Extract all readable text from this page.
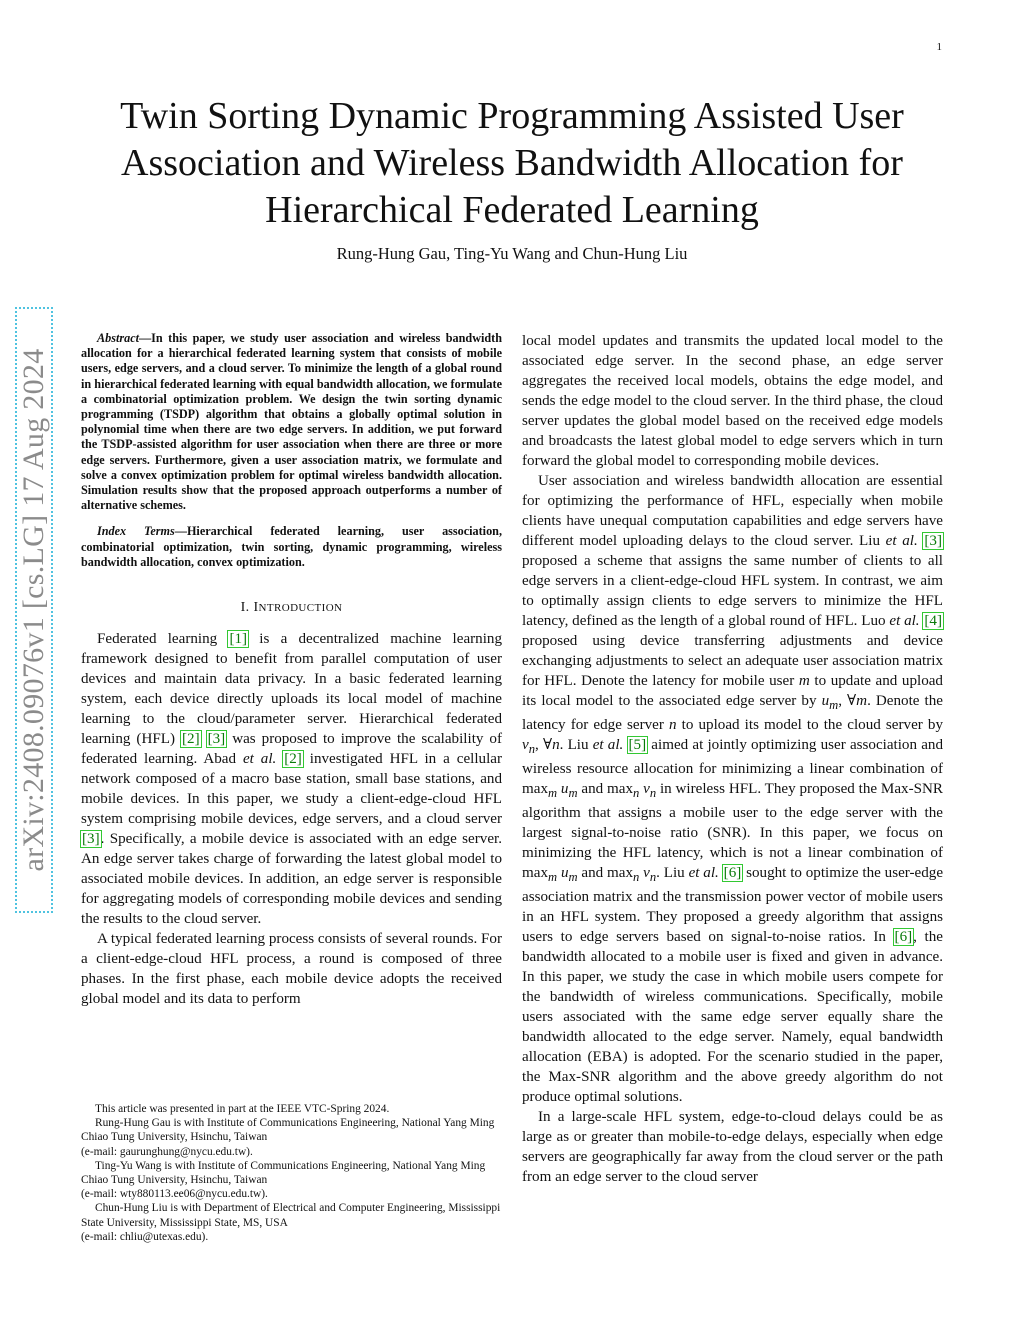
1
arXiv:2408.09076v1 [cs.LG] 17 Aug 2024
Twin Sorting Dynamic Programming Assisted User
Association and Wireless Bandwidth Allocation for
Hierarchical Federated Learning
Rung-Hung Gau, Ting-Yu Wang and Chun-Hung Liu

Abstract—In this paper, we study user association and wireless bandwidth allocation for a hierarchical federated learning system that consists of mobile users, edge servers, and a cloud server. To minimize the length of a global round in hierarchical federated learning with equal bandwidth allocation, we formulate a combinatorial optimization problem. We design the twin sorting dynamic programming (TSDP) algorithm that obtains a globally optimal solution in polynomial time when there are two edge servers. In addition, we put forward the TSDP-assisted algorithm for user association when there are three or more edge servers. Furthermore, given a user association matrix, we formulate and solve a convex optimization problem for optimal wireless bandwidth allocation. Simulation results show that the proposed approach outperforms a number of alternative schemes.

Index Terms—Hierarchical federated learning, user association, combinatorial optimization, twin sorting, dynamic programming, wireless bandwidth allocation, convex optimization.

I. INTRODUCTION

Federated learning [1] is a decentralized machine learning framework designed to benefit from parallel computation of user devices and maintain data privacy. In a basic federated learning system, each device directly uploads its local model of machine learning to the cloud/parameter server. Hierarchical federated learning (HFL) [2] [3] was proposed to improve the scalability of federated learning. Abad et al. [2] investigated HFL in a cellular network composed of a macro base station, small base stations, and mobile devices. In this paper, we study a client-edge-cloud HFL system comprising mobile devices, edge servers, and a cloud server [3]. Specifically, a mobile device is associated with an edge server. An edge server takes charge of forwarding the latest global model to associated mobile devices. In addition, an edge server is responsible for aggregating models of corresponding mobile devices and sending the results to the cloud server.

A typical federated learning process consists of several rounds. For a client-edge-cloud HFL process, a round is composed of three phases. In the first phase, each mobile device adopts the received global model and its data to perform

This article was presented in part at the IEEE VTC-Spring 2024.

Rung-Hung Gau is with Institute of Communications Engineering, National Yang Ming Chiao Tung University, Hsinchu, Taiwan

(e-mail: gaurunghung@nycu.edu.tw).

Ting-Yu Wang is with Institute of Communications Engineering, National Yang Ming Chiao Tung University, Hsinchu, Taiwan

(e-mail: wty880113.ee06@nycu.edu.tw).

Chun-Hung Liu is with Department of Electrical and Computer Engineering, Mississippi State University, Mississippi State, MS, USA

(e-mail: chliu@utexas.edu).

local model updates and transmits the updated local model to the associated edge server. In the second phase, an edge server aggregates the received local models, obtains the edge model, and sends the edge model to the cloud server. In the third phase, the cloud server updates the global model based on the received edge models and broadcasts the latest global model to edge servers which in turn forward the global model to corresponding mobile devices.

User association and wireless bandwidth allocation are essential for optimizing the performance of HFL, especially when mobile clients have unequal computation capabilities and edge servers have different model uploading delays to the cloud server. Liu et al. [3] proposed a scheme that assigns the same number of clients to all edge servers in a client-edge-cloud HFL system. In contrast, we aim to optimally assign clients to edge servers to minimize the HFL latency, defined as the length of a global round of HFL. Luo et al. [4] proposed using device transferring adjustments and device exchanging adjustments to select an adequate user association matrix for HFL. Denote the latency for mobile user m to update and upload its local model to the associated edge server by $u_m$, ∀m. Denote the latency for edge server n to upload its model to the cloud server by $v_n$, ∀n. Liu et al. [5] aimed at jointly optimizing user association and wireless resource allocation for minimizing a linear combination of $\max_m u_m$ and $\max_n v_n$ in wireless HFL. They proposed the Max-SNR algorithm that assigns a mobile user to the edge server with the largest signal-to-noise ratio (SNR). In this paper, we focus on minimizing the HFL latency, which is not a linear combination of $\max_m u_m$ and $\max_n v_n$. Liu et al. [6] sought to optimize the user-edge association matrix and the transmission power vector of mobile users in an HFL system. They proposed a greedy algorithm that assigns users to edge servers based on signal-to-noise ratios. In [6], the bandwidth allocated to a mobile user is fixed and given in advance. In this paper, we study the case in which mobile users compete for the bandwidth of wireless communications. Specifically, mobile users associated with the same edge server equally share the bandwidth allocated to the edge server. Namely, equal bandwidth allocation (EBA) is adopted. For the scenario studied in the paper, the Max-SNR algorithm and the above greedy algorithm do not produce optimal solutions.

In a large-scale HFL system, edge-to-cloud delays could be as large as or greater than mobile-to-edge delays, especially when edge servers are geographically far away from the cloud server or the path from an edge server to the cloud server
